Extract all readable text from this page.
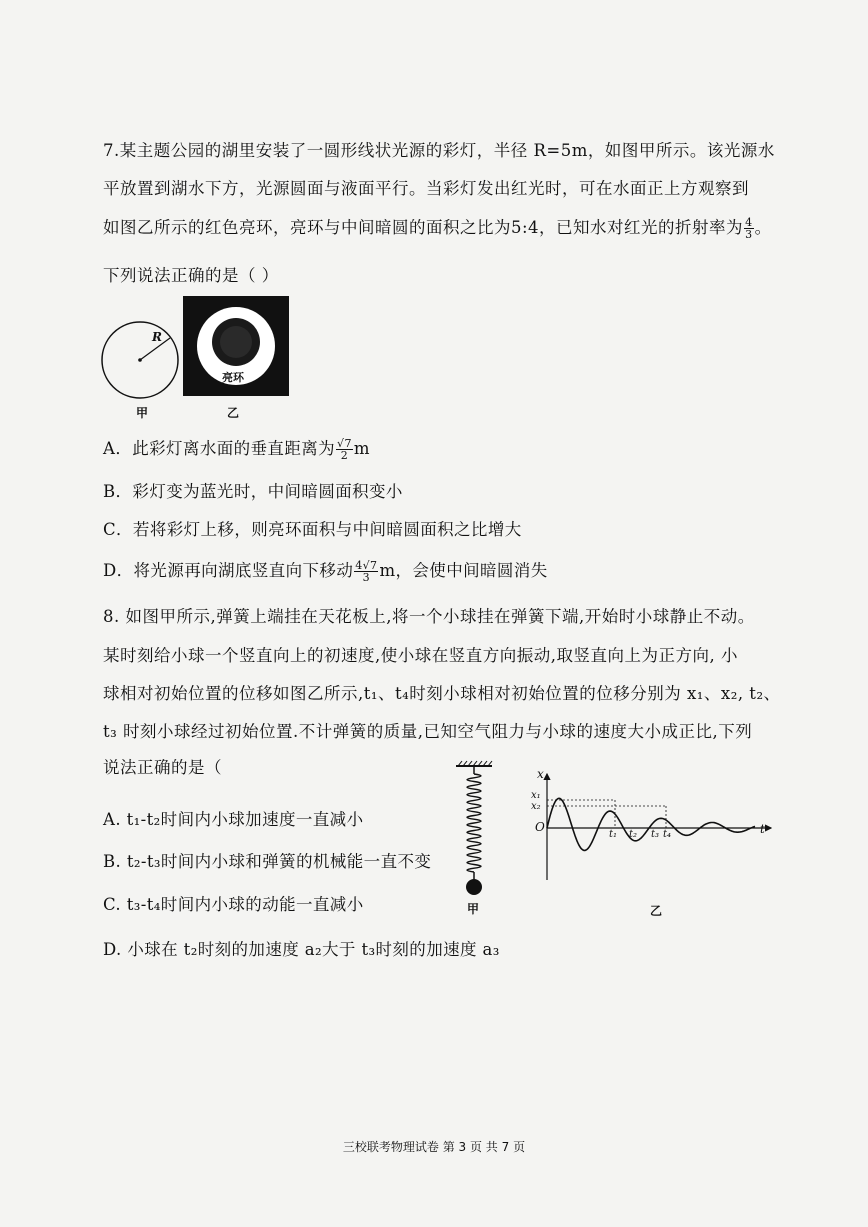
7.某主题公园的湖里安装了一圆形线状光源的彩灯，半径 R=5m，如图甲所示。该光源水
平放置到湖水下方，光源圆面与液面平行。当彩灯发出红光时，可在水面正上方观察到
如图乙所示的红色亮环，亮环与中间暗圆的面积之比为5:4，已知水对红光的折射率为 $\frac{4}{3}$ 。
下列说法正确的是（ ）
R
甲
亮环
乙
A．此彩灯离水面的垂直距离为 $\frac{√7}{2}$ m
B．彩灯变为蓝光时，中间暗圆面积变小
C．若将彩灯上移，则亮环面积与中间暗圆面积之比增大
D．将光源再向湖底竖直向下移动 $\frac{4√7}{3}$ m，会使中间暗圆消失
8. 如图甲所示,弹簧上端挂在天花板上,将一个小球挂在弹簧下端,开始时小球静止不动。
某时刻给小球一个竖直向上的初速度,使小球在竖直方向振动,取竖直向上为正方向, 小
球相对初始位置的位移如图乙所示,t₁、t₄时刻小球相对初始位置的位移分别为 x₁、x₂, t₂、
t₃ 时刻小球经过初始位置.不计弹簧的质量,已知空气阻力与小球的速度大小成正比,下列
说法正确的是（
A. t₁-t₂时间内小球加速度一直减小
B. t₂-t₃时间内小球和弹簧的机械能一直不变
C. t₃-t₄时间内小球的动能一直减小
D. 小球在 t₂时刻的加速度 a₂大于 t₃时刻的加速度 a₃
甲
x
t
O
x₁
x₂
t₁ t₂ t₃ t₄
乙
三校联考物理试卷 第 3 页 共 7 页
